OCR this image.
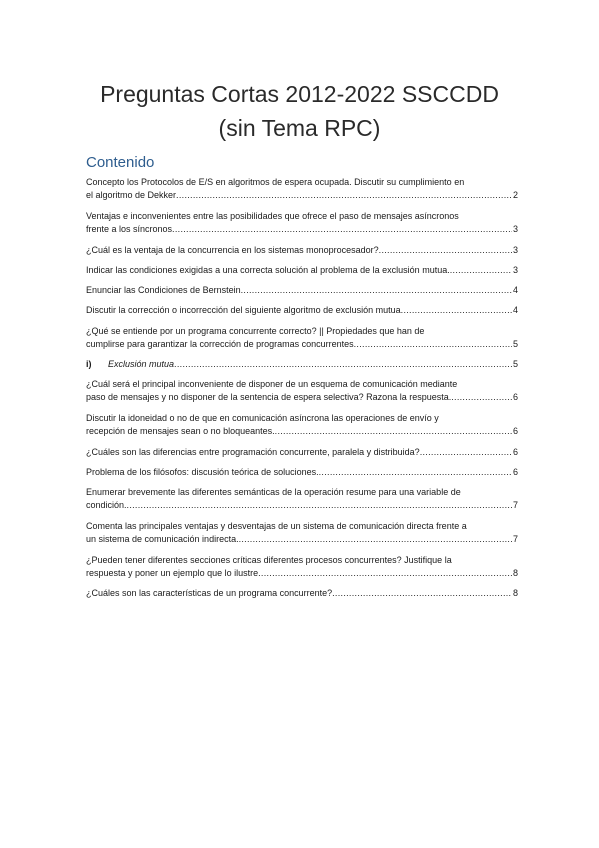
Preguntas Cortas 2012-2022 SSCCDD
(sin Tema RPC)
Contenido
Concepto los Protocolos de E/S en algoritmos de espera ocupada. Discutir su cumplimiento en
el algoritmo de Dekker .....	2
Ventajas e inconvenientes entre las posibilidades que ofrece el paso de mensajes asíncronos
frente a los síncronos .....	3
¿Cuál es la ventaja de la concurrencia en los sistemas monoprocesador? .....	3
Indicar las condiciones exigidas a una correcta solución al problema de la exclusión mutua. .....	3
Enunciar las Condiciones de Bernstein .....	4
Discutir la corrección o incorrección del siguiente algoritmo de exclusión mutua .....	4
¿Qué se entiende por un programa concurrente correcto? || Propiedades que han de
cumplirse para garantizar la corrección de programas concurrentes .....	5
i)	Exclusión mutua .....	5
¿Cuál será el principal inconveniente de disponer de un esquema de comunicación mediante
paso de mensajes y no disponer de la sentencia de espera selectiva? Razona la respuesta. .....	6
Discutir la idoneidad o no de que en comunicación asíncrona las operaciones de envío y
recepción de mensajes sean o no bloqueantes. .....	6
¿Cuáles son las diferencias entre programación concurrente, paralela y distribuida? .....	6
Problema de los filósofos: discusión teórica de soluciones. .....	6
Enumerar brevemente las diferentes semánticas de la operación resume para una variable de
condición. .....	7
Comenta las principales ventajas y desventajas de un sistema de comunicación directa frente a
un sistema de comunicación indirecta. .....	7
¿Pueden tener diferentes secciones críticas diferentes procesos concurrentes? Justifique la
respuesta y poner un ejemplo que lo ilustre .....	8
¿Cuáles son las características de un programa concurrente? .....	8
